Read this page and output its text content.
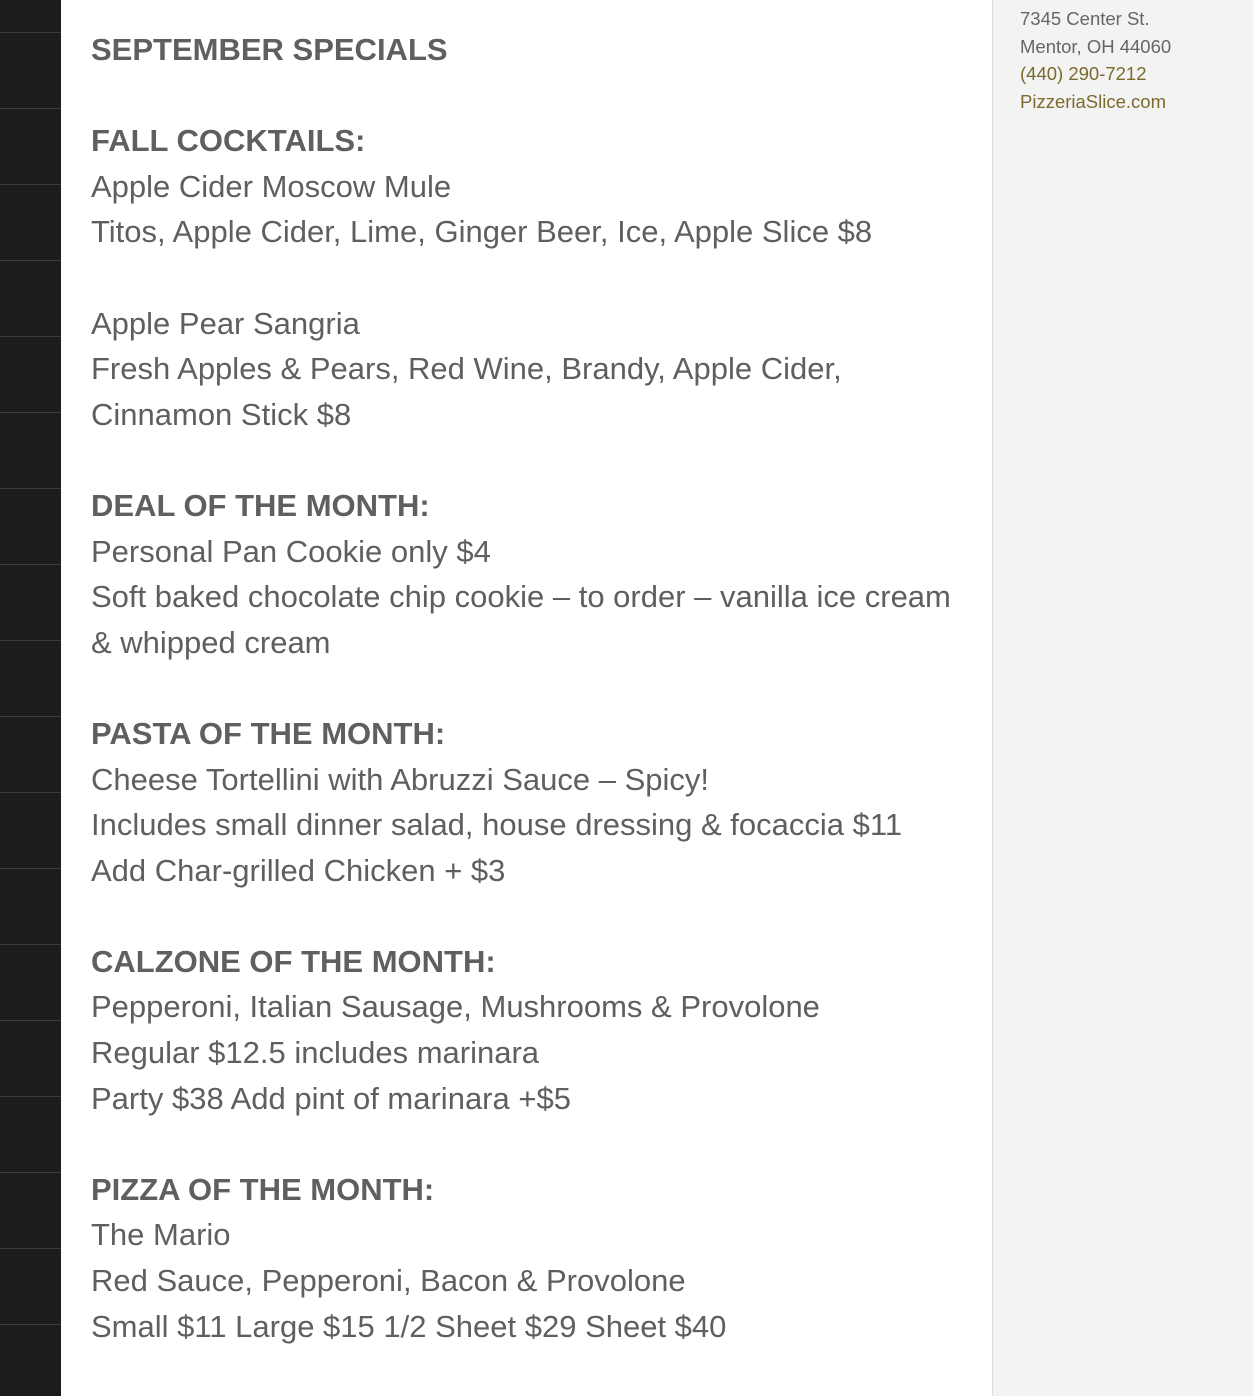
SEPTEMBER SPECIALS
FALL COCKTAILS:
Apple Cider Moscow Mule
Titos, Apple Cider, Lime, Ginger Beer, Ice, Apple Slice $8
Apple Pear Sangria
Fresh Apples & Pears, Red Wine, Brandy, Apple Cider,
Cinnamon Stick $8
DEAL OF THE MONTH:
Personal Pan Cookie only $4
Soft baked chocolate chip cookie – to order – vanilla ice cream
& whipped cream
PASTA OF THE MONTH:
Cheese Tortellini with Abruzzi Sauce – Spicy!
Includes small dinner salad, house dressing & focaccia $11
Add Char-grilled Chicken + $3
CALZONE OF THE MONTH:
Pepperoni, Italian Sausage, Mushrooms & Provolone
Regular $12.5 includes marinara
Party $38 Add pint of marinara +$5
PIZZA OF THE MONTH:
The Mario
Red Sauce, Pepperoni, Bacon & Provolone
Small $11 Large $15 1/2 Sheet $29 Sheet $40
7345 Center St.
Mentor, OH 44060
(440) 290-7212
PizzeriaSlice.com
